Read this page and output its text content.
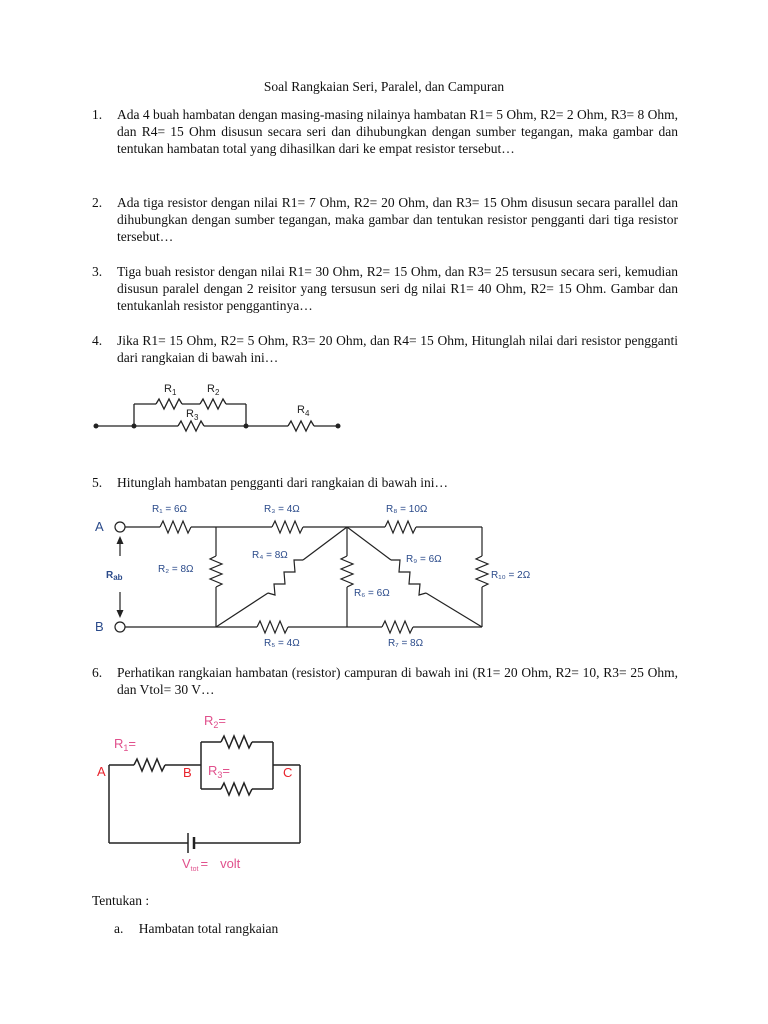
Soal Rangkaian Seri, Paralel, dan Campuran
1. Ada 4 buah hambatan dengan masing-masing nilainya hambatan R1= 5 Ohm, R2= 2 Ohm, R3= 8 Ohm, dan R4= 15 Ohm disusun secara seri dan dihubungkan dengan sumber tegangan, maka gambar dan tentukan hambatan total yang dihasilkan dari ke empat resistor tersebut…
2. Ada tiga resistor dengan nilai R1= 7 Ohm, R2= 20 Ohm, dan R3= 15 Ohm disusun secara parallel dan dihubungkan dengan sumber tegangan, maka gambar dan tentukan resistor pengganti dari tiga resistor tersebut…
3. Tiga buah resistor dengan nilai R1= 30 Ohm, R2= 15 Ohm, dan R3= 25 tersusun secara seri, kemudian disusun paralel dengan 2 reisitor yang tersusun seri dg nilai R1= 40 Ohm, R2= 15 Ohm. Gambar dan tentukanlah resistor penggantinya…
4. Jika R1= 15 Ohm, R2= 5 Ohm, R3= 20 Ohm, dan R4= 15 Ohm, Hitunglah nilai dari resistor pengganti dari rangkaian di bawah ini…
$R_1$	$R_2$
$R_3$
$R_4$
5. Hitunglah hambatan pengganti dari rangkaian di bawah ini…
A
B
$R_{ab}$
R₁ = 6Ω
R₂ = 8Ω
R₃ = 4Ω
R₄ = 8Ω
R₅ = 4Ω
R₆ = 6Ω
R₇ = 8Ω
R₈ = 10Ω
R₉ = 6Ω
R₁₀ = 2Ω
6. Perhatikan rangkaian hambatan (resistor) campuran di bawah ini (R1= 20 Ohm, R2= 10, R3= 25 Ohm, dan Vtol= 30 V…
$R_1=$
$R_2=$
$R_3=$
A	B	C
$V_{tot}$ = volt
Tentukan :
a. Hambatan total rangkaian
